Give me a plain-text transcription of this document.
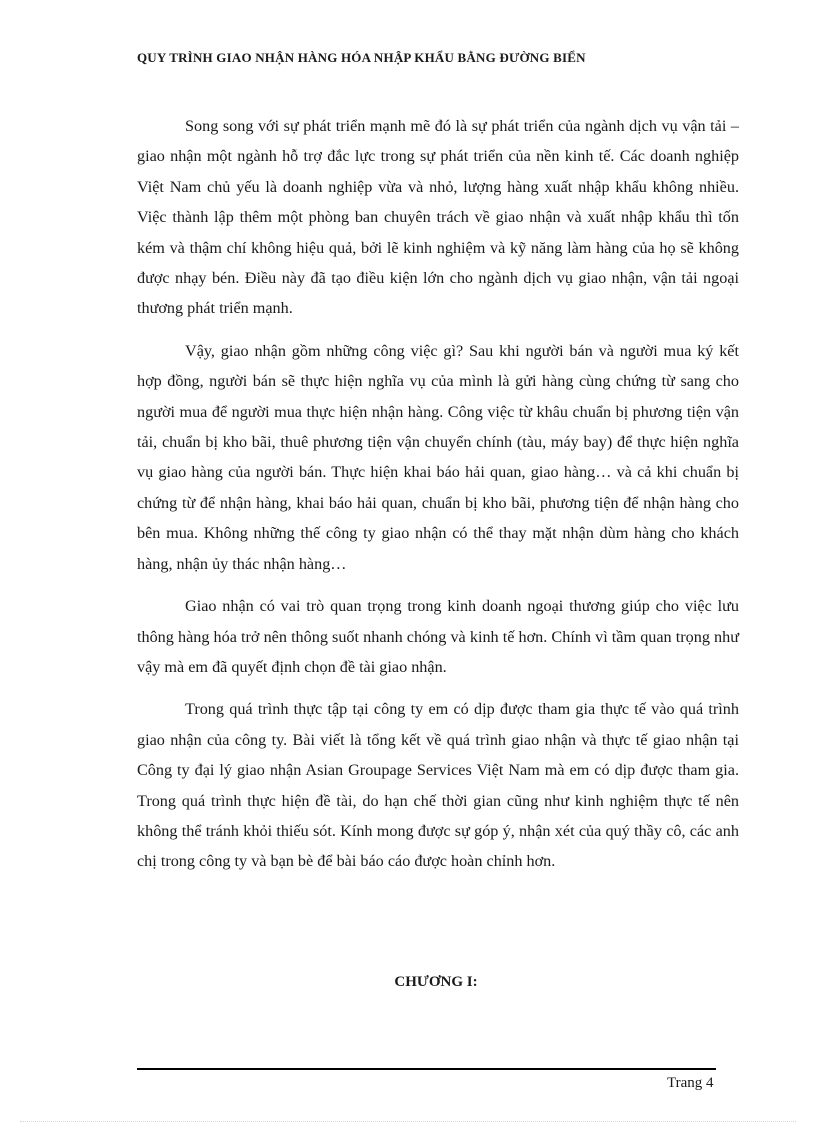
QUY TRÌNH GIAO NHẬN HÀNG HÓA NHẬP KHẨU BẰNG ĐƯỜNG BIỂN

Song song với sự phát triển mạnh mẽ đó là sự phát triển của ngành dịch vụ vận tải – giao nhận một ngành hỗ trợ đắc lực trong sự phát triển của nền kinh tế. Các doanh nghiệp Việt Nam chủ yếu là doanh nghiệp vừa và nhỏ, lượng hàng xuất nhập khẩu không nhiều. Việc thành lập thêm một phòng ban chuyên trách về giao nhận và xuất nhập khẩu thì tốn kém và thậm chí không hiệu quả, bởi lẽ kinh nghiệm và kỹ năng làm hàng của họ sẽ không được nhạy bén. Điều này đã tạo điều kiện lớn cho ngành dịch vụ giao nhận, vận tải ngoại thương phát triển mạnh.

Vậy, giao nhận gồm những công việc gì? Sau khi người bán và người mua ký kết hợp đồng, người bán sẽ thực hiện nghĩa vụ của mình là gửi hàng cùng chứng từ sang cho người mua để người mua thực hiện nhận hàng. Công việc từ khâu chuẩn bị phương tiện vận tải, chuẩn bị kho bãi, thuê phương tiện vận chuyển chính (tàu, máy bay) để thực hiện nghĩa vụ giao hàng của người bán. Thực hiện khai báo hải quan, giao hàng… và cả khi chuẩn bị chứng từ để nhận hàng, khai báo hải quan, chuẩn bị kho bãi, phương tiện để nhận hàng cho bên mua. Không những thế công ty giao nhận có thể thay mặt nhận dùm hàng cho khách hàng, nhận ủy thác nhận hàng…

Giao nhận có vai trò quan trọng trong kinh doanh ngoại thương giúp cho việc lưu thông hàng hóa trở nên thông suốt nhanh chóng và kinh tế hơn. Chính vì tầm quan trọng như vậy mà em đã quyết định chọn đề tài giao nhận.

Trong quá trình thực tập tại công ty em có dịp được tham gia thực tế vào quá trình giao nhận của công ty. Bài viết là tổng kết về quá trình giao nhận và thực tế giao nhận tại Công ty đại lý giao nhận Asian Groupage Services Việt Nam mà em có dịp được tham gia. Trong quá trình thực hiện đề tài, do hạn chế thời gian cũng như kinh nghiệm thực tế nên không thể tránh khỏi thiếu sót. Kính mong được sự góp ý, nhận xét của quý thầy cô, các anh chị trong công ty và bạn bè để bài báo cáo được hoàn chỉnh hơn.

CHƯƠNG I:
Trang 4
